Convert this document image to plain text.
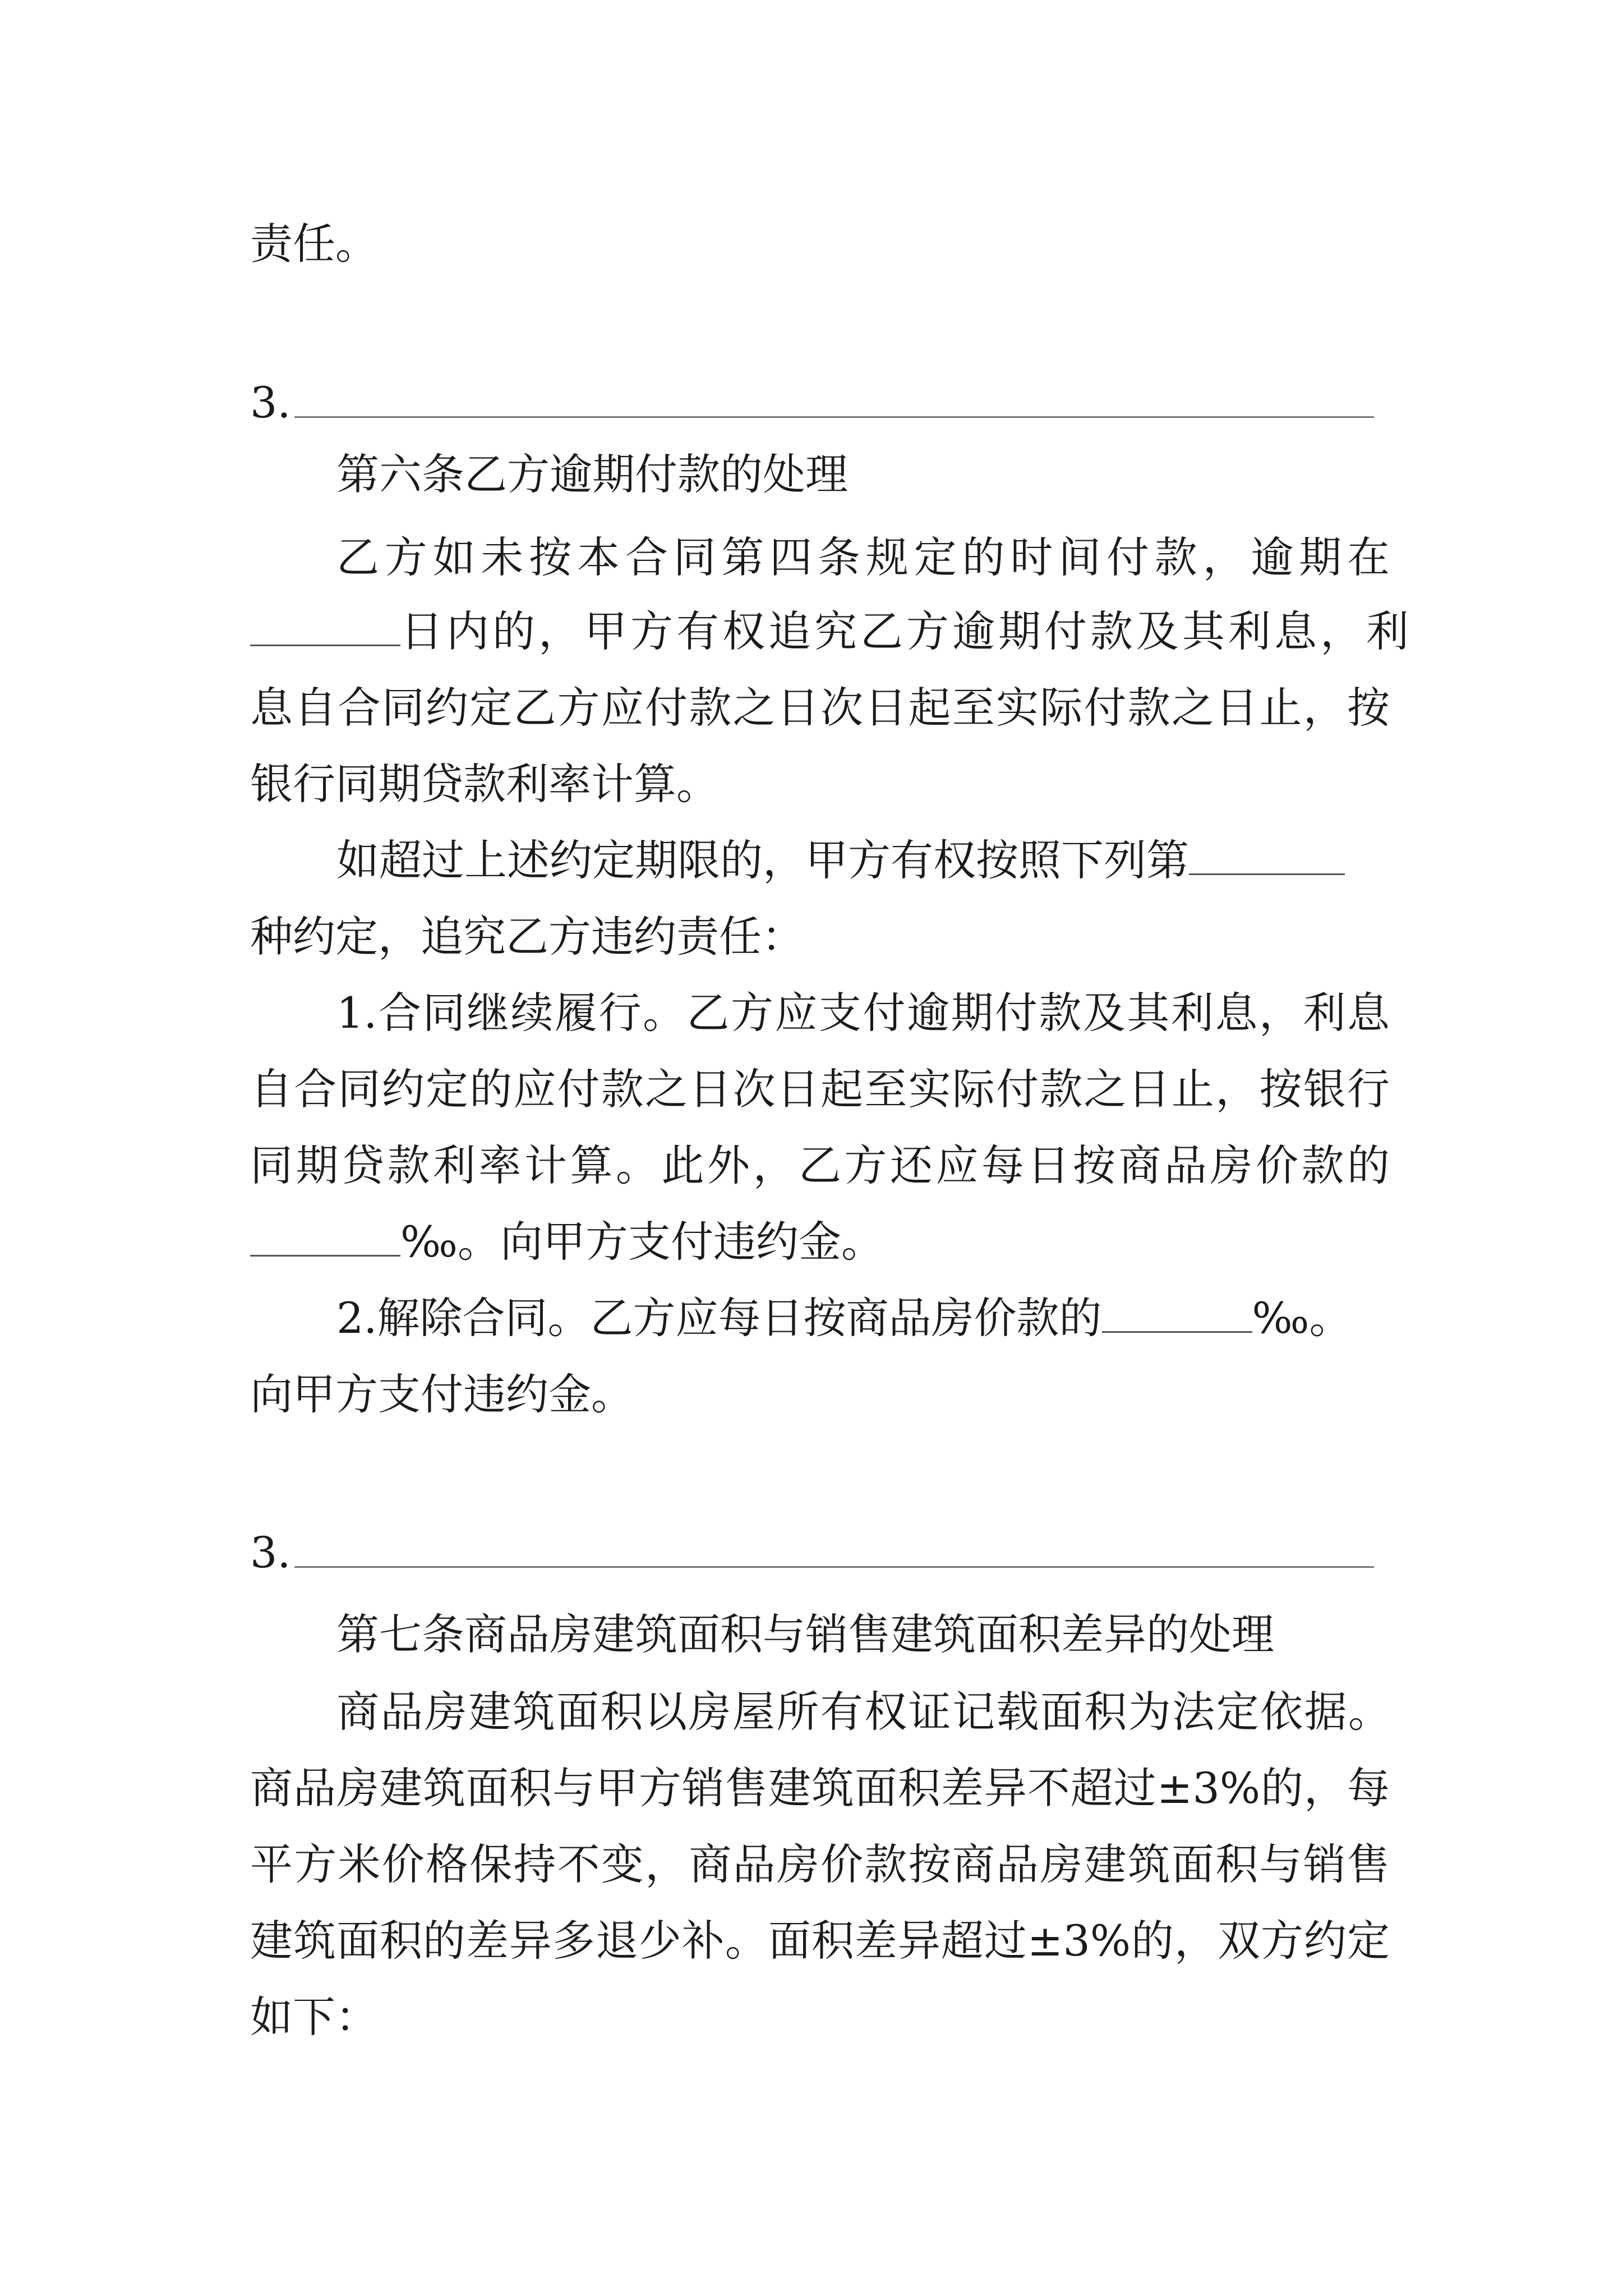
责任。
3.
第六条乙方逾期付款的处理
乙方如未按本合同第四条规定的时间付款，逾期在
日内的，甲方有权追究乙方逾期付款及其利息，利
息自合同约定乙方应付款之日次日起至实际付款之日止，按
银行同期贷款利率计算。
如超过上述约定期限的，甲方有权按照下列第
种约定，追究乙方违约责任：
1.合同继续履行。乙方应支付逾期付款及其利息，利息
自合同约定的应付款之日次日起至实际付款之日止，按银行
同期贷款利率计算。此外，乙方还应每日按商品房价款的
‰。向甲方支付违约金。
2.解除合同。乙方应每日按商品房价款的	‰。
向甲方支付违约金。
3.
第七条商品房建筑面积与销售建筑面积差异的处理
商品房建筑面积以房屋所有权证记载面积为法定依据。
商品房建筑面积与甲方销售建筑面积差异不超过±3%的，每
平方米价格保持不变，商品房价款按商品房建筑面积与销售
建筑面积的差异多退少补。面积差异超过±3%的，双方约定
如下：
